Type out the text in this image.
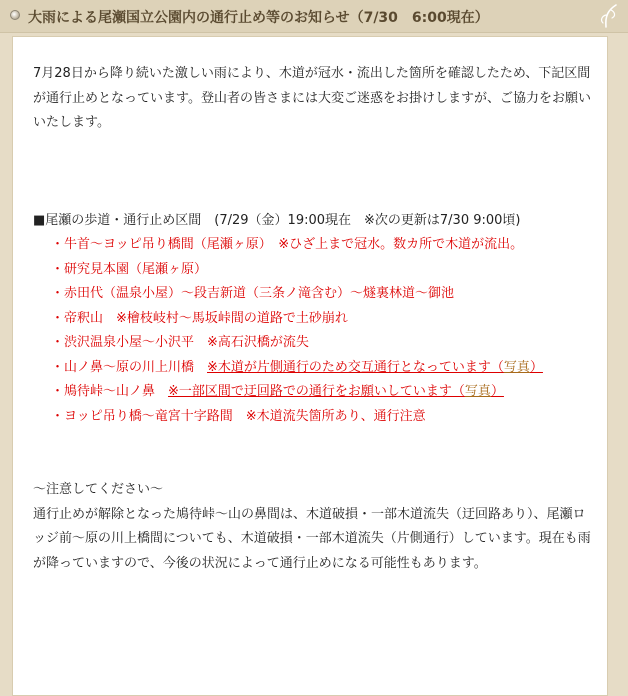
大雨による尾瀬国立公園内の通行止め等のお知らせ（7/30　6:00現在）

7月28日から降り続いた激しい雨により、木道が冠水・流出した箇所を確認したため、下記区間が通行止めとなっています。登山者の皆さまには大変ご迷惑をお掛けしますが、ご協力をお願いいたします。

■尾瀬の歩道・通行止め区間　(7/29（金）19:00現在　※次の更新は7/30 9:00頃)

・牛首～ヨッピ吊り橋間（尾瀬ヶ原）　※ひざ上まで冠水。数カ所で木道が流出。

・研究見本園（尾瀬ヶ原）

・赤田代（温泉小屋）～段吉新道（三条ノ滝含む）～燧裏林道～御池

・帝釈山　※檜枝岐村～馬坂峠間の道路で土砂崩れ

・渋沢温泉小屋～小沢平　※高石沢橋が流失

・山ノ鼻～原の川上川橋　※木道が片側通行のため交互通行となっています（写真）

・鳩待峠～山ノ鼻　※一部区間で迂回路での通行をお願いしています（写真）

・ヨッピ吊り橋～竜宮十字路間　※木道流失箇所あり、通行注意

～注意してください～

通行止めが解除となった鳩待峠～山の鼻間は、木道破損・一部木道流失（迂回路あり）、尾瀬ロッジ前～原の川上橋間についても、木道破損・一部木道流失（片側通行）しています。現在も雨が降っていますので、今後の状況によって通行止めになる可能性もあります。
